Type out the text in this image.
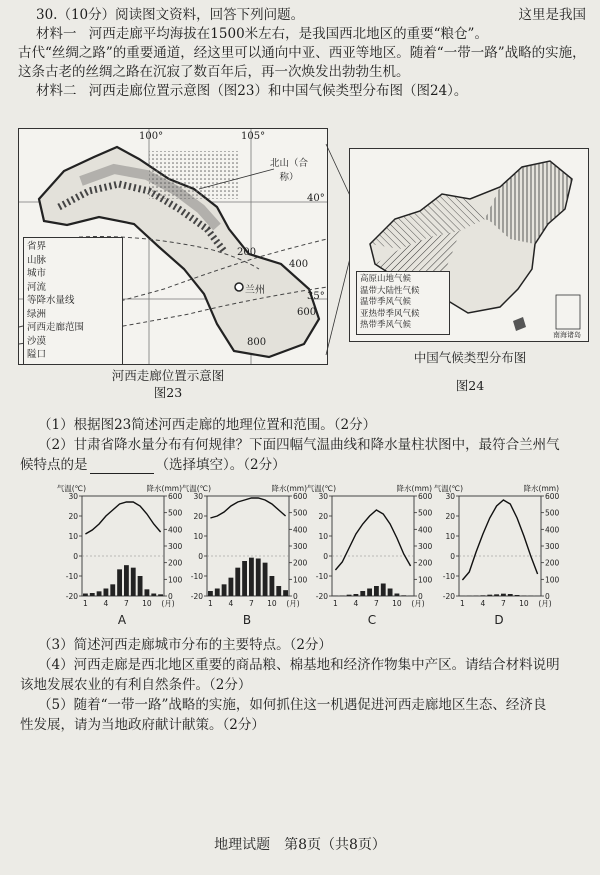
30.（10分）阅读图文资料，回答下列问题。	这里是我国
材料一 河西走廊平均海拔在1500米左右，是我国西北地区的重要“粮仓”。
古代“丝绸之路”的重要通道，经这里可以通向中亚、西亚等地区。随着“一带一路”战略的实施，
这条古老的丝绸之路在沉寂了数百年后，再一次焕发出勃勃生机。
材料二 河西走廊位置示意图（图23）和中国气候类型分布图（图24）。
100°	105°
40°
35°
200
400
600
800
兰州
北山（合称）
省界
山脉
城市
河流
等降水量线
绿洲
河西走廊范围
沙漠
隘口
高原山地气候
温带大陆性气候
温带季风气候
亚热带季风气候
热带季风气候
南海诸岛
河西走廊位置示意图
图23
中国气候类型分布图
图24
（1）根据图23简述河西走廊的地理位置和范围。（2分）
（2）甘肃省降水量分布有何规律？下面四幅气温曲线和降水量柱状图中，最符合兰州气
候特点的是	（选择填空）。（2分）
气温(℃)	降水(mm)
30
20
10
0
-10
-20
600
500
400
300
200
100
0
1 4 7 10 (月)
A
气温(℃)	降水(mm)
30
20
10
0
-10
-20
600
500
400
300
200
100
0
1 4 7 10 (月)
B
气温(℃)	降水(mm)
30
20
10
0
-10
-20
600
500
400
300
200
100
0
1 4 7 10 (月)
C
气温(℃)	降水(mm)
30
20
10
0
-10
-20
600
500
400
300
200
100
0
1 4 7 10 (月)
D
（3）简述河西走廊城市分布的主要特点。（2分）
（4）河西走廊是西北地区重要的商品粮、棉基地和经济作物集中产区。请结合材料说明
该地发展农业的有利自然条件。（2分）
（5）随着“一带一路”战略的实施，如何抓住这一机遇促进河西走廊地区生态、经济良
性发展，请为当地政府献计献策。（2分）
地理试题　第8页（共8页）
